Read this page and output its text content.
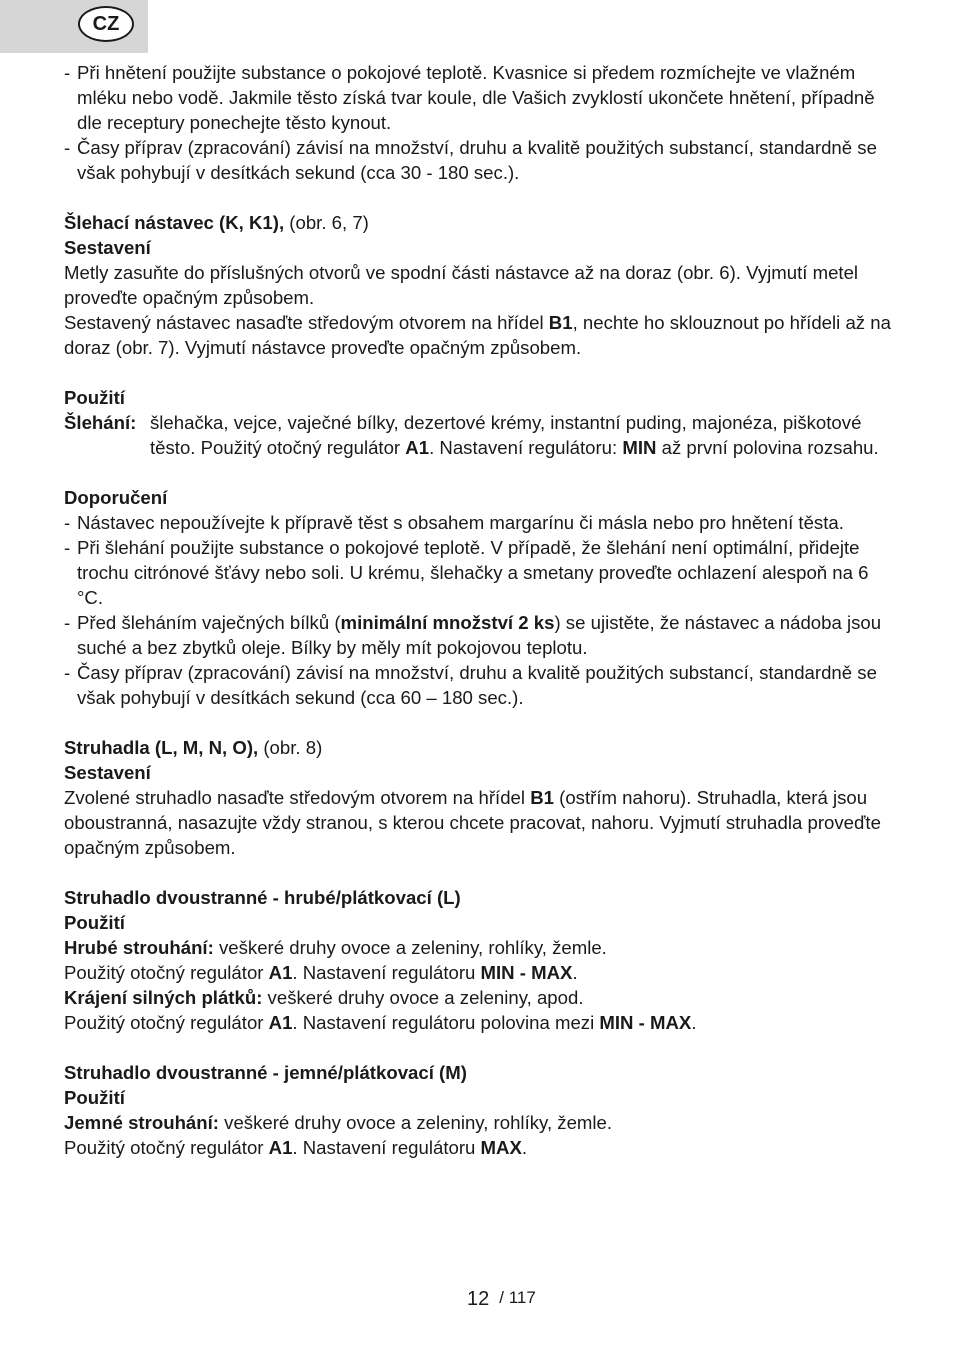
CZ

- Při hnětení použijte substance o pokojové teplotě. Kvasnice si předem rozmíchejte ve vlažném mléku nebo vodě. Jakmile těsto získá tvar koule, dle Vašich zvyklostí ukončete hnětení, případně dle receptury ponechejte těsto kynout.

- Časy příprav (zpracování) závisí na množství, druhu a kvalitě použitých substancí, standardně se však pohybují v desítkách sekund (cca 30 - 180 sec.).

Šlehací nástavec (K, K1), (obr. 6, 7)

Sestavení

Metly zasuňte do příslušných otvorů ve spodní části nástavce až na doraz (obr. 6). Vyjmutí metel proveďte opačným způsobem.

Sestavený nástavec nasaďte středovým otvorem na hřídel B1, nechte ho sklouznout po hřídeli až na doraz (obr. 7). Vyjmutí nástavce proveďte opačným způsobem.

Použití

Šlehání: šlehačka, vejce, vaječné bílky, dezertové krémy, instantní puding, majonéza, piškotové těsto. Použitý otočný regulátor A1. Nastavení regulátoru: MIN až první polovina rozsahu.

Doporučení

- Nástavec nepoužívejte k přípravě těst s obsahem margarínu či másla nebo pro hnětení těsta.

- Při šlehání použijte substance o pokojové teplotě. V případě, že šlehání není optimální, přidejte trochu citrónové šťávy nebo soli. U krému, šlehačky a smetany proveďte ochlazení alespoň na 6 °C.

- Před šleháním vaječných bílků (minimální množství 2 ks) se ujistěte, že nástavec a nádoba jsou suché a bez zbytků oleje. Bílky by měly mít pokojovou teplotu.

- Časy příprav (zpracování) závisí na množství, druhu a kvalitě použitých substancí, standardně se však pohybují v desítkách sekund (cca 60 – 180 sec.).

Struhadla (L, M, N, O), (obr. 8)

Sestavení

Zvolené struhadlo nasaďte středovým otvorem na hřídel B1 (ostřím nahoru). Struhadla, která jsou oboustranná, nasazujte vždy stranou, s kterou chcete pracovat, nahoru. Vyjmutí struhadla proveďte opačným způsobem.

Struhadlo dvoustranné - hrubé/plátkovací (L)

Použití

Hrubé strouhání: veškeré druhy ovoce a zeleniny, rohlíky, žemle.

Použitý otočný regulátor A1. Nastavení regulátoru MIN - MAX.

Krájení silných plátků: veškeré druhy ovoce a zeleniny, apod.

Použitý otočný regulátor A1. Nastavení regulátoru polovina mezi MIN - MAX.

Struhadlo dvoustranné - jemné/plátkovací (M)

Použití

Jemné strouhání: veškeré druhy ovoce a zeleniny, rohlíky, žemle.

Použitý otočný regulátor A1. Nastavení regulátoru MAX.

12 / 117
